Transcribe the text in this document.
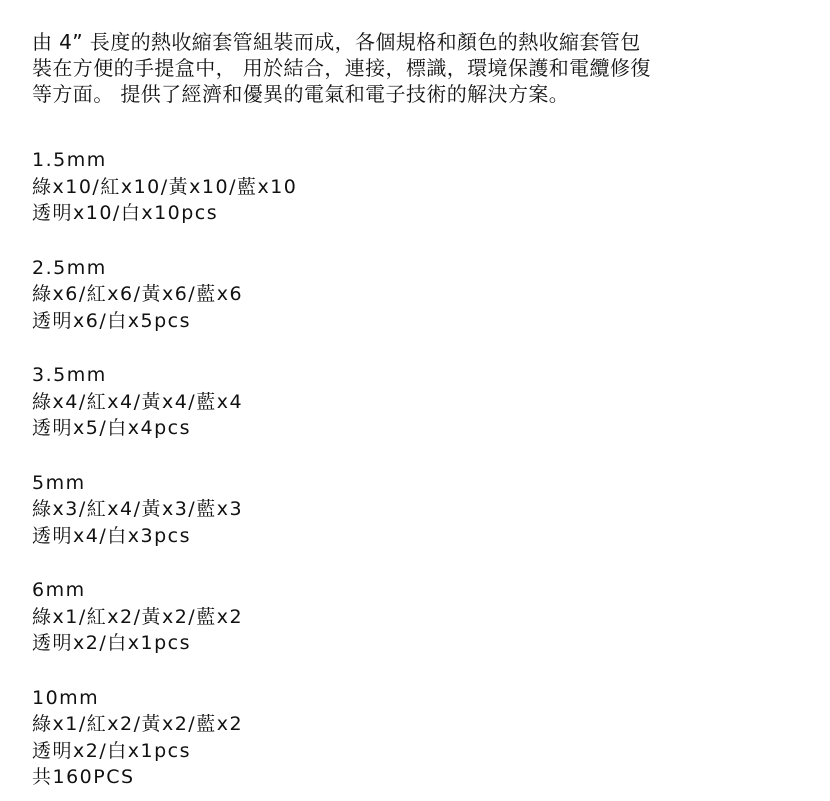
由 4” 長度的熱收縮套管組裝而成，各個規格和顏色的熱收縮套管包
裝在方便的手提盒中， 用於結合，連接，標識，環境保護和電纜修復
等方面。 提供了經濟和優異的電氣和電子技術的解決方案。

1.5mm
綠x10/紅x10/黃x10/藍x10
透明x10/白x10pcs
2.5mm
綠x6/紅x6/黃x6/藍x6
透明x6/白x5pcs
3.5mm
綠x4/紅x4/黃x4/藍x4
透明x5/白x4pcs
5mm
綠x3/紅x4/黃x3/藍x3
透明x4/白x3pcs
6mm
綠x1/紅x2/黃x2/藍x2
透明x2/白x1pcs
10mm
綠x1/紅x2/黃x2/藍x2
透明x2/白x1pcs
共160PCS
